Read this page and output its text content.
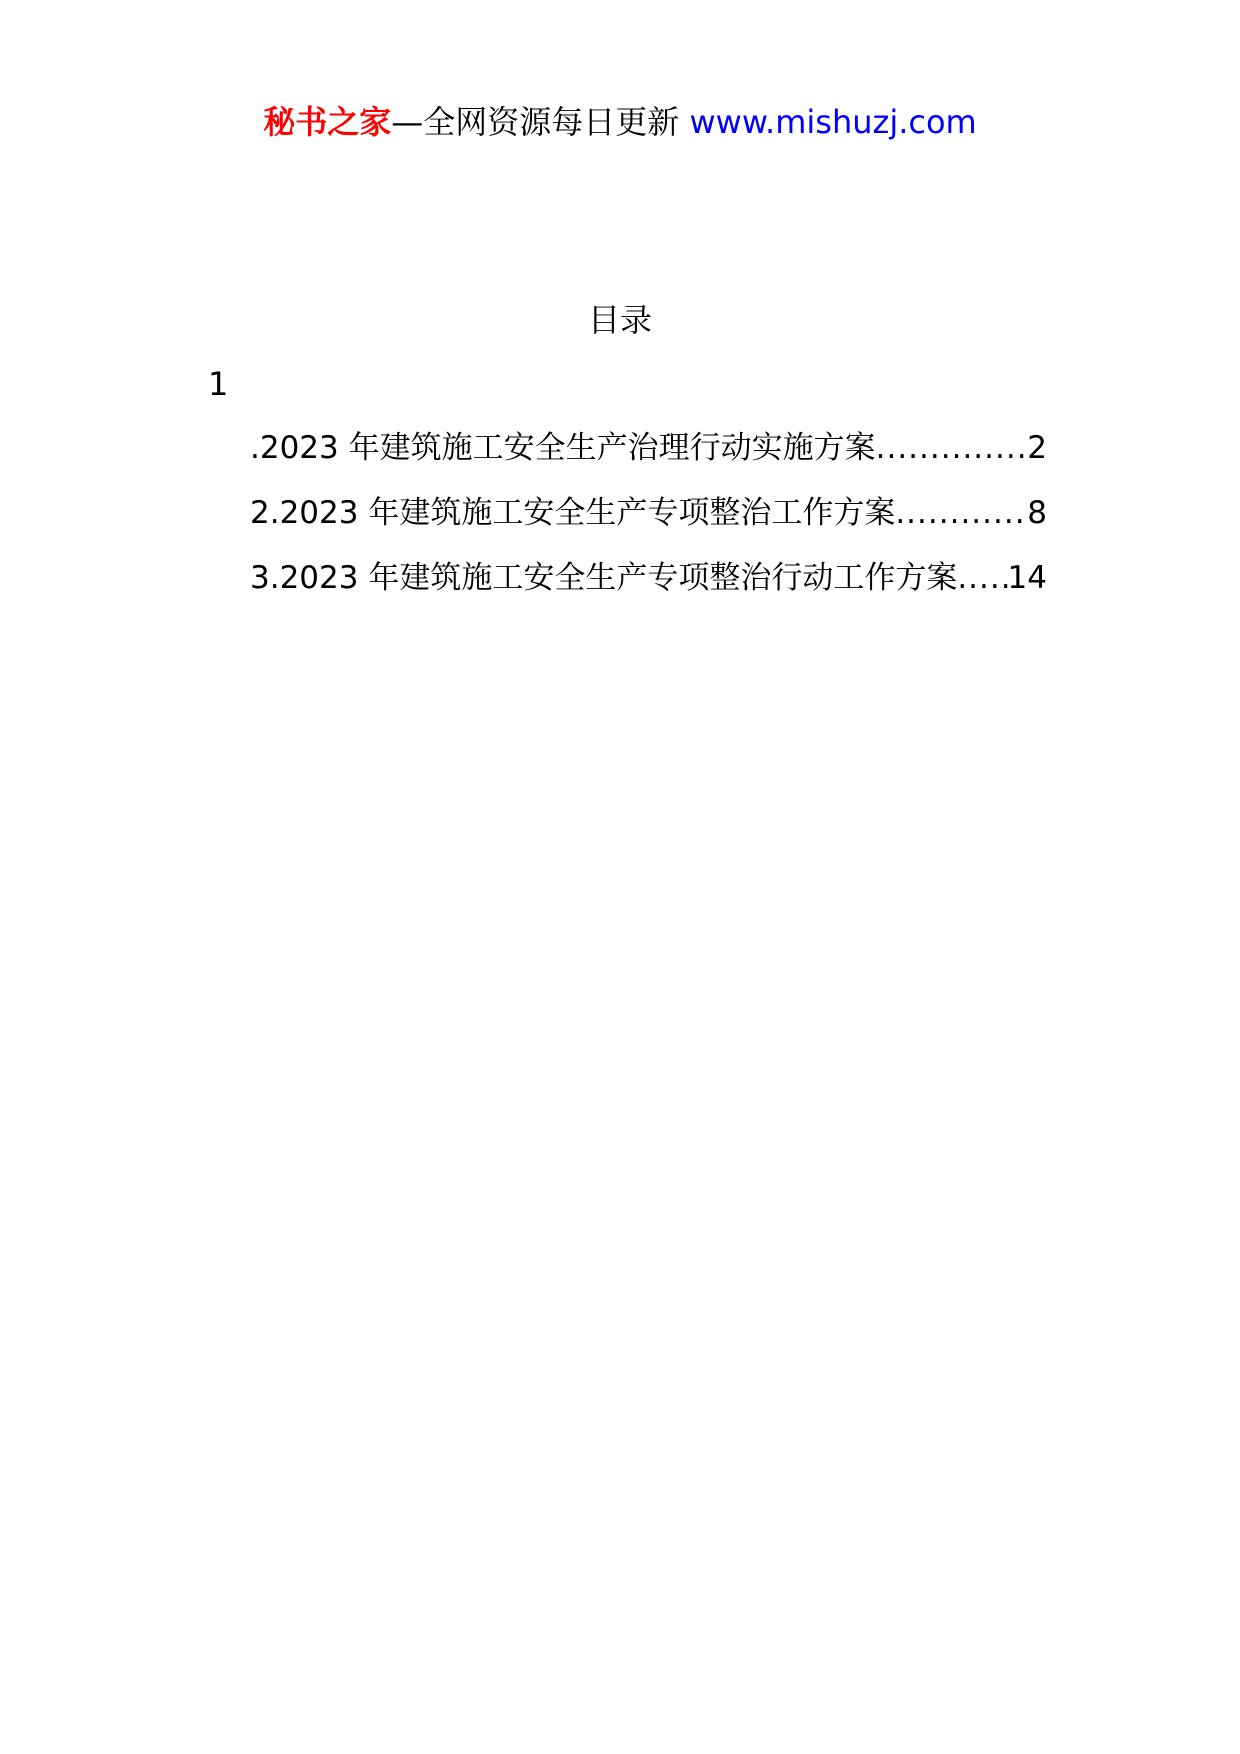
秘书之家—全网资源每日更新 www.mishuzj.com
目录
1
.2023 年建筑施工安全生产治理行动实施方案 .....	2
2.2023 年建筑施工安全生产专项整治工作方案 .....	8
3.2023 年建筑施工安全生产专项整治行动工作方案 ..... 14
